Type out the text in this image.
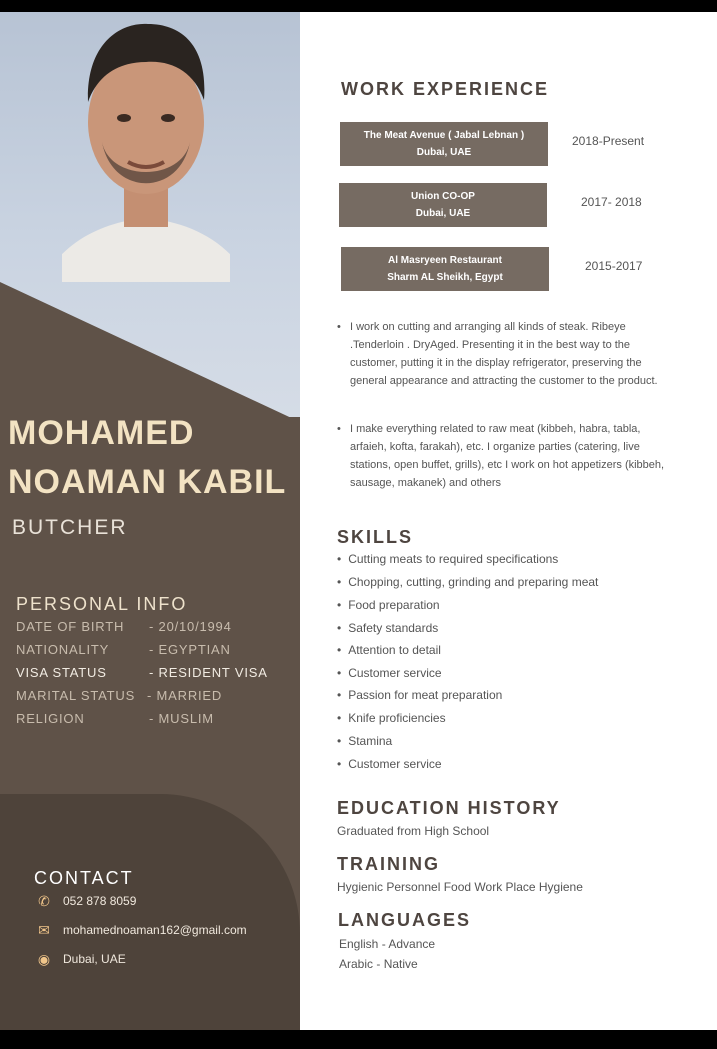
MOHAMED
NOAMAN KABIL
BUTCHER
PERSONAL INFO
DATE OF BIRTH - 20/10/1994
NATIONALITY	- EGYPTIAN
VISA STATUS	- RESIDENT VISA
MARITAL STATUS - MARRIED
RELIGION	- MUSLIM
CONTACT
✆ 052 878 8059
✉ mohamednoaman162@gmail.com
◉ Dubai, UAE
WORK EXPERIENCE
The Meat Avenue ( Jabal Lebnan )
Dubai, UAE
2018-Present
Union CO-OP
Dubai, UAE
2017- 2018
Al Masryeen Restaurant
Sharm AL Sheikh, Egypt
2015-2017
• I work on cutting and arranging all kinds of steak. Ribeye .Tenderloin . DryAged. Presenting it in the best way to the customer, putting it in the display refrigerator, preserving the general appearance and attracting the customer to the product.
• I make everything related to raw meat (kibbeh, habra, tabla, arfaieh, kofta, farakah), etc. I organize parties (catering, live stations, open buffet, grills), etc I work on hot appetizers (kibbeh, sausage, makanek) and others
SKILLS
• Cutting meats to required specifications
• Chopping, cutting, grinding and preparing meat
• Food preparation
• Safety standards
• Attention to detail
• Customer service
• Passion for meat preparation
• Knife proficiencies
• Stamina
• Customer service
EDUCATION HISTORY
Graduated from High School
TRAINING
Hygienic Personnel Food Work Place Hygiene
LANGUAGES
English - Advance
Arabic - Native
